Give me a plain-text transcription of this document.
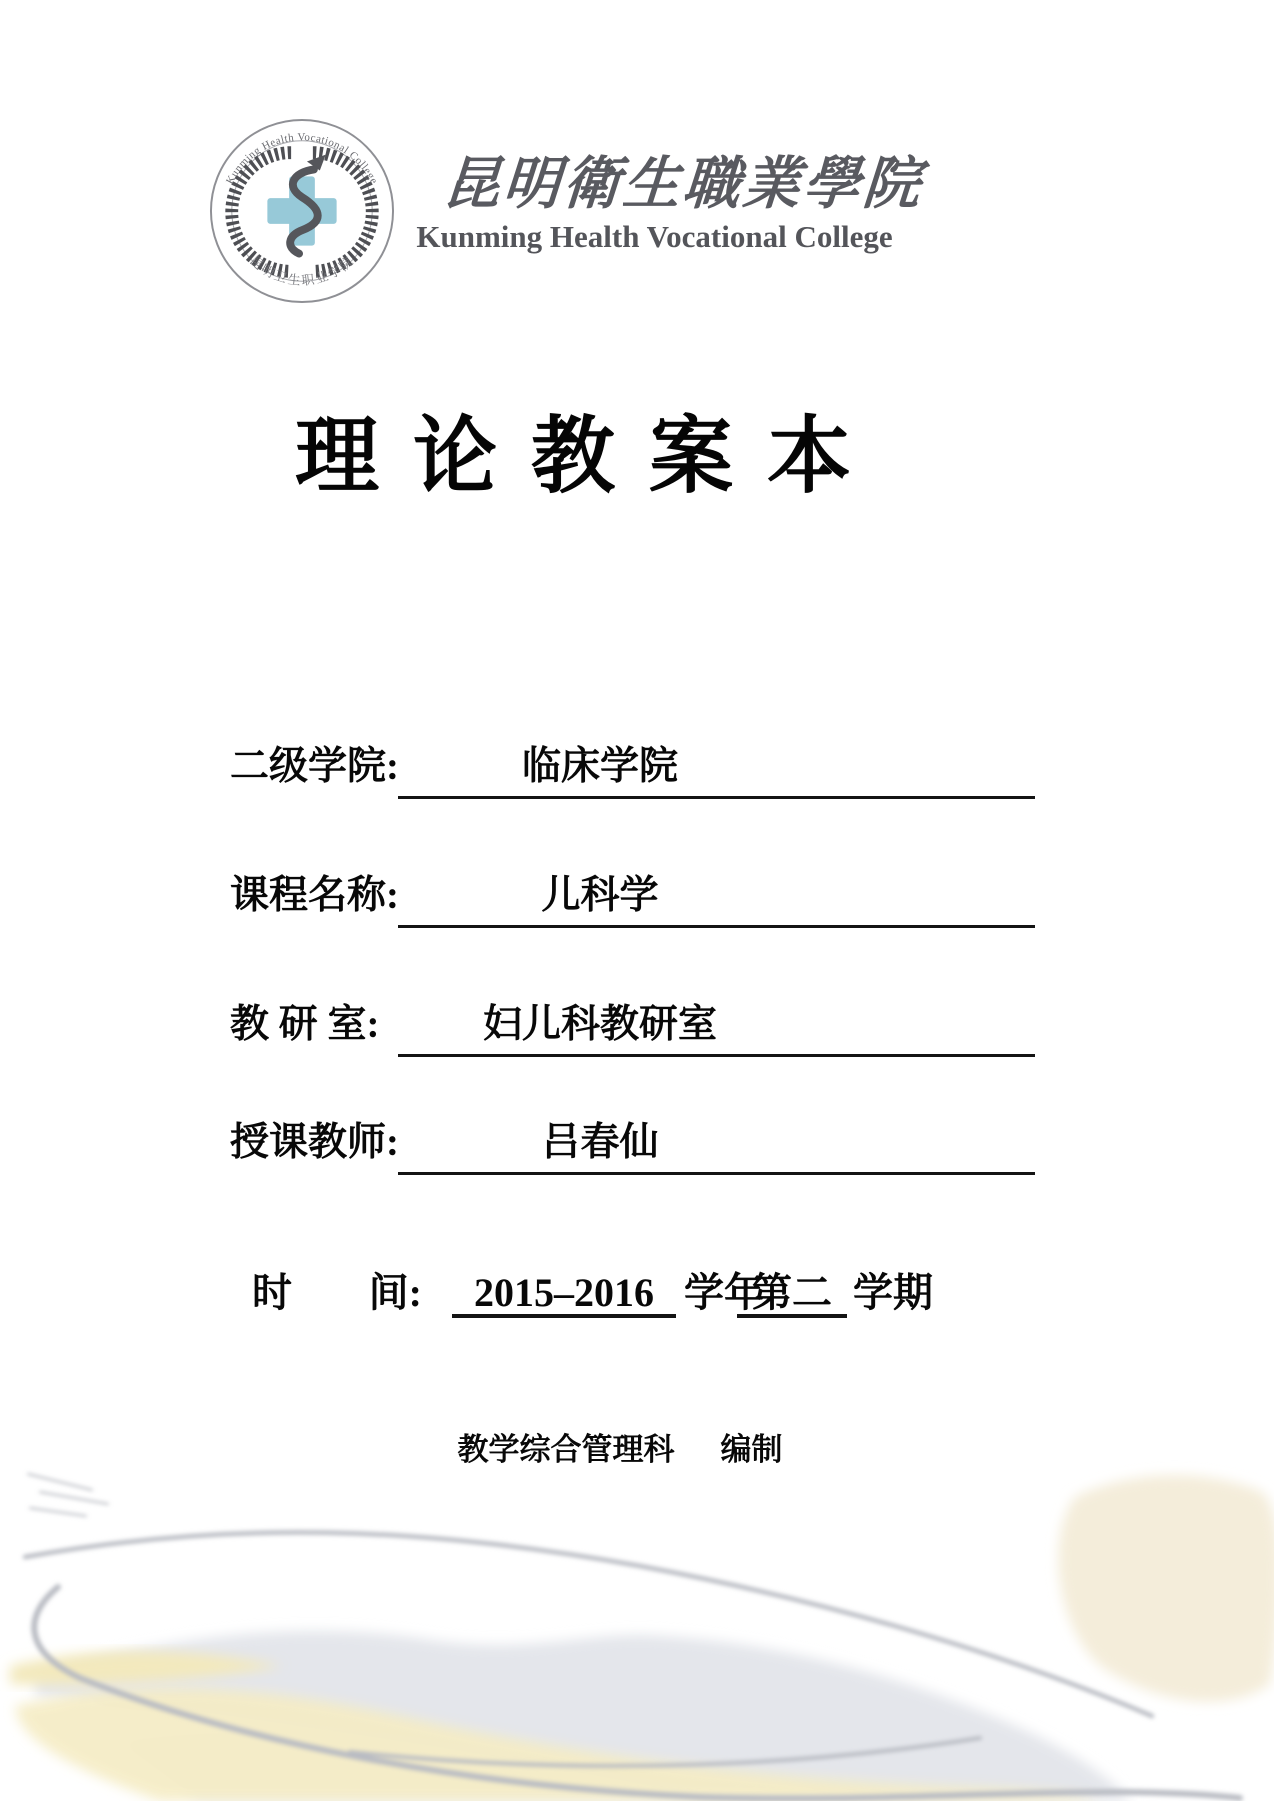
Kunming Health Vocational College
昆明卫生职业学院
昆明衛生職業學院
Kunming Health Vocational College
理论教案本
二级学院:	临床学院
课程名称:	儿科学
教 研 室:	妇儿科教研室
授课教师:	吕春仙
时 间:	2015–2016 学年
第二 学期
教学综合管理科 编制
